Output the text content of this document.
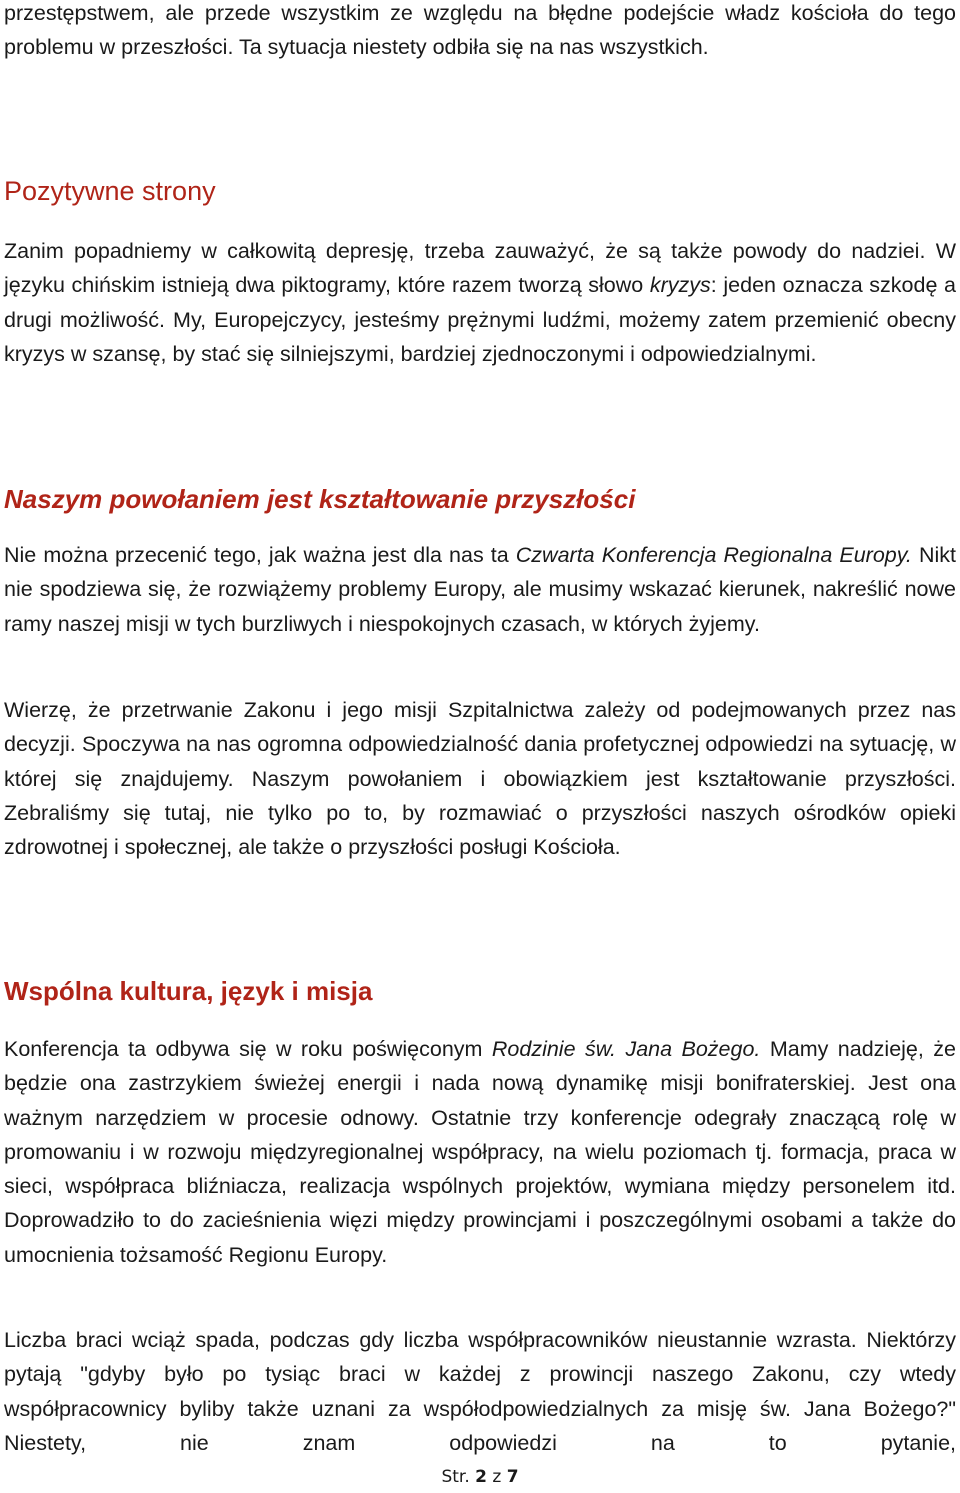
przestępstwem, ale przede wszystkim ze względu na błędne podejście władz kościoła do tego problemu w przeszłości. Ta sytuacja niestety odbiła się na nas wszystkich.

Pozytywne strony

Zanim popadniemy w całkowitą depresję, trzeba zauważyć, że są także powody do nadziei. W języku chińskim istnieją dwa piktogramy, które razem tworzą słowo kryzys: jeden oznacza szkodę a drugi możliwość. My, Europejczycy, jesteśmy prężnymi ludźmi, możemy zatem przemienić obecny kryzys w szansę, by stać się silniejszymi, bardziej zjednoczonymi i odpowiedzialnymi.

Naszym powołaniem jest kształtowanie przyszłości

Nie można przecenić tego, jak ważna jest dla nas ta Czwarta Konferencja Regionalna Europy. Nikt nie spodziewa się, że rozwiążemy problemy Europy, ale musimy wskazać kierunek, nakreślić nowe ramy naszej misji w tych burzliwych i niespokojnych czasach, w których żyjemy.

Wierzę, że przetrwanie Zakonu i jego misji Szpitalnictwa zależy od podejmowanych przez nas decyzji. Spoczywa na nas ogromna odpowiedzialność dania profetycznej odpowiedzi na sytuację, w której się znajdujemy. Naszym powołaniem i obowiązkiem jest kształtowanie przyszłości. Zebraliśmy się tutaj, nie tylko po to, by rozmawiać o przyszłości naszych ośrodków opieki zdrowotnej i społecznej, ale także o przyszłości posługi Kościoła.

Wspólna kultura, język i misja

Konferencja ta odbywa się w roku poświęconym Rodzinie św. Jana Bożego. Mamy nadzieję, że będzie ona zastrzykiem świeżej energii i nada nową dynamikę misji bonifraterskiej. Jest ona ważnym narzędziem w procesie odnowy. Ostatnie trzy konferencje odegrały znaczącą rolę w promowaniu i w rozwoju międzyregionalnej współpracy, na wielu poziomach tj. formacja, praca w sieci, współpraca bliźniacza, realizacja wspólnych projektów, wymiana między personelem itd. Doprowadziło to do zacieśnienia więzi między prowincjami i poszczególnymi osobami a także do umocnienia tożsamość Regionu Europy.

Liczba braci wciąż spada, podczas gdy liczba współpracowników nieustannie wzrasta. Niektórzy pytają "gdyby było po tysiąc braci w każdej z prowincji naszego Zakonu, czy wtedy współpracownicy byliby także uznani za współodpowiedzialnych za misję św. Jana Bożego?" Niestety, nie znam odpowiedzi na to pytanie,

Str. 2 z 7
